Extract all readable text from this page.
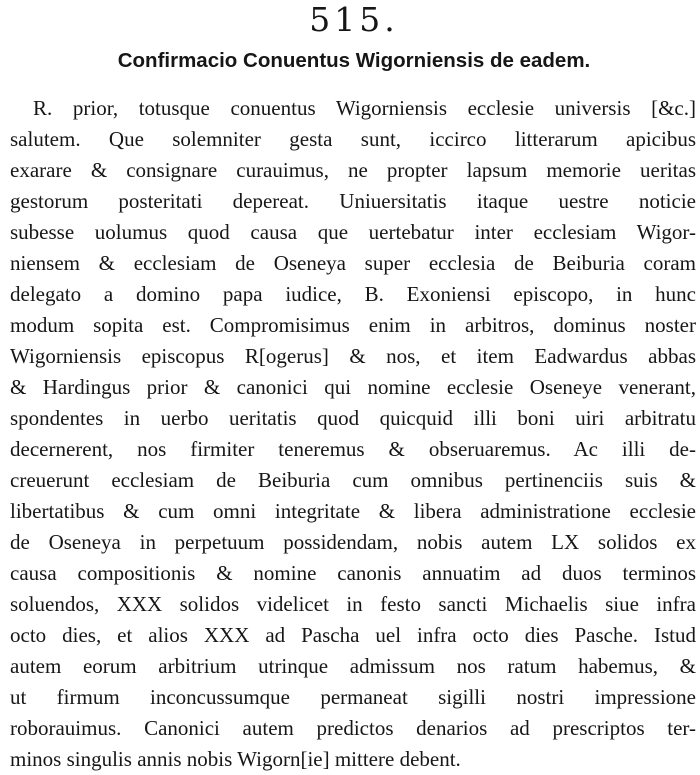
515.
Confirmacio Conuentus Wigorniensis de eadem.
R. prior, totusque conuentus Wigorniensis ecclesie universis [&c.]
salutem. Que solemniter gesta sunt, iccirco litterarum apicibus
exarare & consignare curauimus, ne propter lapsum memorie ueritas
gestorum posteritati depereat. Uniuersitatis itaque uestre noticie
subesse uolumus quod causa que uertebatur inter ecclesiam Wigor-
niensem & ecclesiam de Oseneya super ecclesia de Beiburia coram
delegato a domino papa iudice, B. Exoniensi episcopo, in hunc
modum sopita est. Compromisimus enim in arbitros, dominus noster
Wigorniensis episcopus R[ogerus] & nos, et item Eadwardus abbas
& Hardingus prior & canonici qui nomine ecclesie Oseneye venerant,
spondentes in uerbo ueritatis quod quicquid illi boni uiri arbitratu
decernerent, nos firmiter teneremus & obseruaremus. Ac illi de-
creuerunt ecclesiam de Beiburia cum omnibus pertinenciis suis &
libertatibus & cum omni integritate & libera administratione ecclesie
de Oseneya in perpetuum possidendam, nobis autem LX solidos ex
causa compositionis & nomine canonis annuatim ad duos terminos
soluendos, XXX solidos videlicet in festo sancti Michaelis siue infra
octo dies, et alios XXX ad Pascha uel infra octo dies Pasche. Istud
autem eorum arbitrium utrinque admissum nos ratum habemus, &
ut firmum inconcussumque permaneat sigilli nostri impressione
roborauimus. Canonici autem predictos denarios ad prescriptos ter-
minos singulis annis nobis Wigorn[ie] mittere debent.
